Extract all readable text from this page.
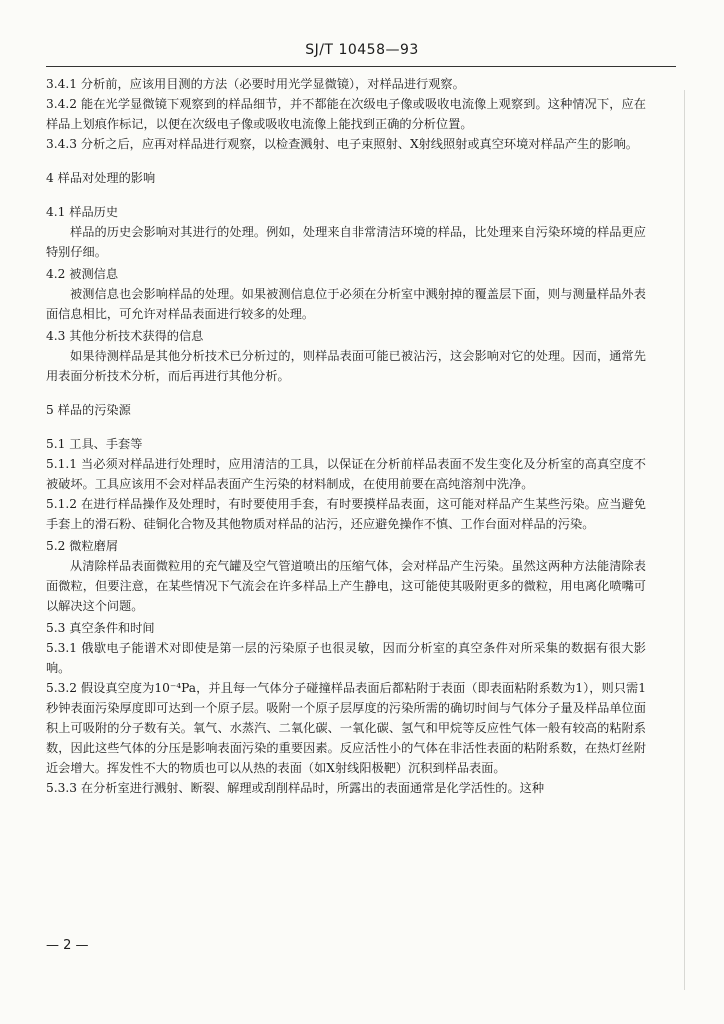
SJ/T 10458—93

3.4.1 分析前，应该用目测的方法（必要时用光学显微镜），对样品进行观察。

3.4.2 能在光学显微镜下观察到的样品细节，并不都能在次级电子像或吸收电流像上观察到。这种情况下，应在样品上划痕作标记，以便在次级电子像或吸收电流像上能找到正确的分析位置。

3.4.3 分析之后，应再对样品进行观察，以检查溅射、电子束照射、X射线照射或真空环境对样品产生的影响。

4 样品对处理的影响

4.1 样品历史

样品的历史会影响对其进行的处理。例如，处理来自非常清洁环境的样品，比处理来自污染环境的样品更应特别仔细。

4.2 被测信息

被测信息也会影响样品的处理。如果被测信息位于必须在分析室中溅射掉的覆盖层下面，则与测量样品外表面信息相比，可允许对样品表面进行较多的处理。

4.3 其他分析技术获得的信息

如果待测样品是其他分析技术已分析过的，则样品表面可能已被沾污，这会影响对它的处理。因而，通常先用表面分析技术分析，而后再进行其他分析。

5 样品的污染源

5.1 工具、手套等

5.1.1 当必须对样品进行处理时，应用清洁的工具，以保证在分析前样品表面不发生变化及分析室的高真空度不被破坏。工具应该用不会对样品表面产生污染的材料制成，在使用前要在高纯溶剂中洗净。

5.1.2 在进行样品操作及处理时，有时要使用手套，有时要摸样品表面，这可能对样品产生某些污染。应当避免手套上的滑石粉、硅铜化合物及其他物质对样品的沾污，还应避免操作不慎、工作台面对样品的污染。

5.2 微粒磨屑

从清除样品表面微粒用的充气罐及空气管道喷出的压缩气体，会对样品产生污染。虽然这两种方法能清除表面微粒，但要注意，在某些情况下气流会在许多样品上产生静电，这可能使其吸附更多的微粒，用电离化喷嘴可以解决这个问题。

5.3 真空条件和时间

5.3.1 俄歇电子能谱术对即使是第一层的污染原子也很灵敏，因而分析室的真空条件对所采集的数据有很大影响。

5.3.2 假设真空度为10⁻⁴Pa，并且每一气体分子碰撞样品表面后都粘附于表面（即表面粘附系数为1），则只需1秒钟表面污染厚度即可达到一个原子层。吸附一个原子层厚度的污染所需的确切时间与气体分子量及样品单位面积上可吸附的分子数有关。氧气、水蒸汽、二氧化碳、一氧化碳、氢气和甲烷等反应性气体一般有较高的粘附系数，因此这些气体的分压是影响表面污染的重要因素。反应活性小的气体在非活性表面的粘附系数，在热灯丝附近会增大。挥发性不大的物质也可以从热的表面（如X射线阳极靶）沉积到样品表面。

5.3.3 在分析室进行溅射、断裂、解理或刮削样品时，所露出的表面通常是化学活性的。这种

— 2 —
